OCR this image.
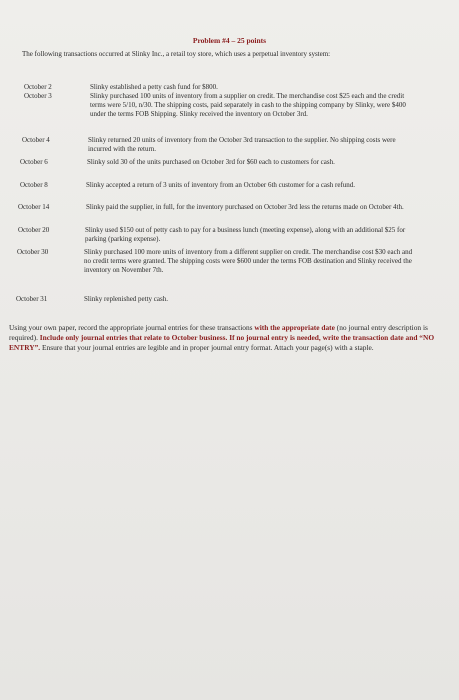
Problem #4 – 25 points
The following transactions occurred at Slinky Inc., a retail toy store, which uses a perpetual inventory system:
October 2
October 3
October 4
October 6
October 8
October 14
October 20
October 30
October 31
Slinky established a petty cash fund for $800.
Slinky purchased 100 units of inventory from a supplier on credit. The merchandise cost $25 each and the credit terms were 5/10, n/30. The shipping costs, paid separately in cash to the shipping company by Slinky, were $400 under the terms FOB Shipping. Slinky received the inventory on October 3rd.
Slinky returned 20 units of inventory from the October 3rd transaction to the supplier. No shipping costs were incurred with the return.
Slinky sold 30 of the units purchased on October 3rd for $60 each to customers for cash.
Slinky accepted a return of 3 units of inventory from an October 6th customer for a cash refund.
Slinky paid the supplier, in full, for the inventory purchased on October 3rd less the returns made on October 4th.
Slinky used $150 out of petty cash to pay for a business lunch (meeting expense), along with an additional $25 for parking (parking expense).
Slinky purchased 100 more units of inventory from a different supplier on credit. The merchandise cost $30 each and no credit terms were granted. The shipping costs were $600 under the terms FOB destination and Slinky received the inventory on November 7th.
Slinky replenished petty cash.
Using your own paper, record the appropriate journal entries for these transactions with the appropriate date (no journal entry description is required). Include only journal entries that relate to October business. If no journal entry is needed, write the transaction date and “NO ENTRY”. Ensure that your journal entries are legible and in proper journal entry format. Attach your page(s) with a staple.
